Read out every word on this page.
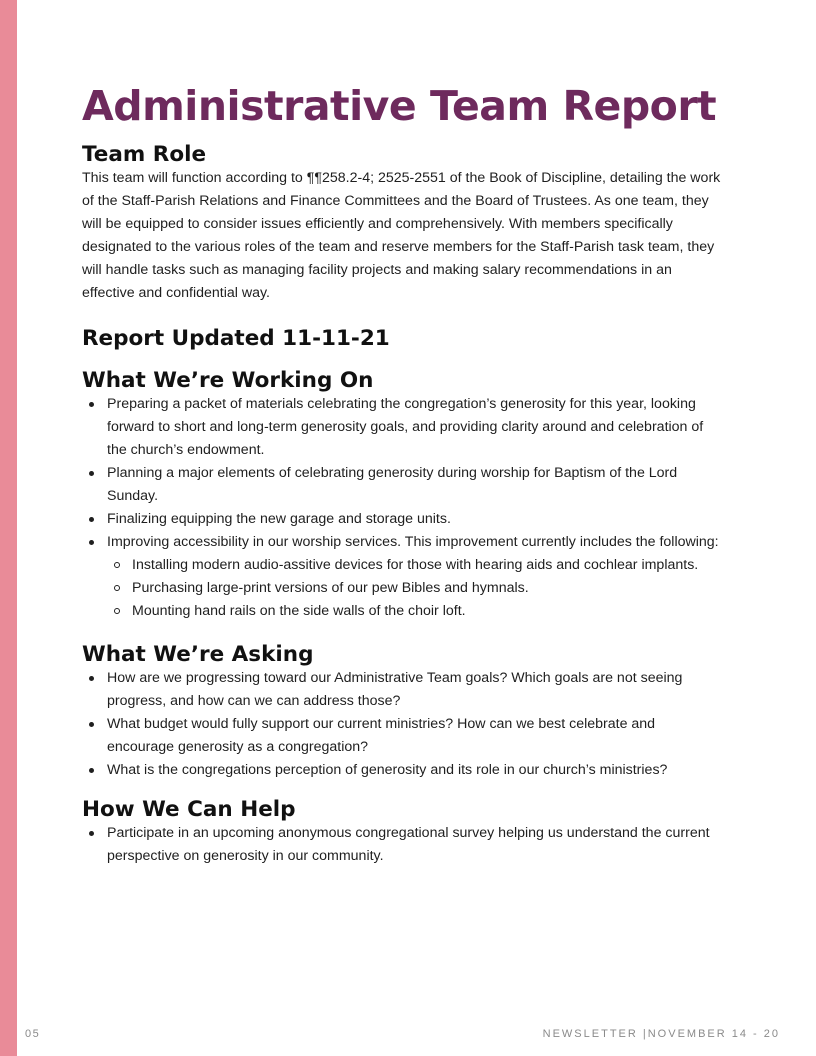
Administrative Team Report
Team Role

This team will function according to ¶¶258.2-4; 2525-2551 of the Book of Discipline, detailing the work of the Staff-Parish Relations and Finance Committees and the Board of Trustees. As one team, they will be equipped to consider issues efficiently and comprehensively. With members specifically designated to the various roles of the team and reserve members for the Staff-Parish task team, they will handle tasks such as managing facility projects and making salary recommendations in an effective and confidential way.

Report Updated 11-11-21
What We’re Working On
Preparing a packet of materials celebrating the congregation’s generosity for this year, looking forward to short and long-term generosity goals, and providing clarity around and celebration of the church’s endowment.
Planning a major elements of celebrating generosity during worship for Baptism of the Lord Sunday.
Finalizing equipping the new garage and storage units.
Improving accessibility in our worship services. This improvement currently includes the following:
Installing modern audio-assitive devices for those with hearing aids and cochlear implants.
Purchasing large-print versions of our pew Bibles and hymnals.
Mounting hand rails on the side walls of the choir loft.
What We’re Asking
How are we progressing toward our Administrative Team goals? Which goals are not seeing progress, and how can we can address those?
What budget would fully support our current ministries? How can we best celebrate and encourage generosity as a congregation?
What is the congregations perception of generosity and its role in our church’s ministries?
How We Can Help
Participate in an upcoming anonymous congregational survey helping us understand the current perspective on generosity in our community.
05	NEWSLETTER |NOVEMBER 14 - 20
